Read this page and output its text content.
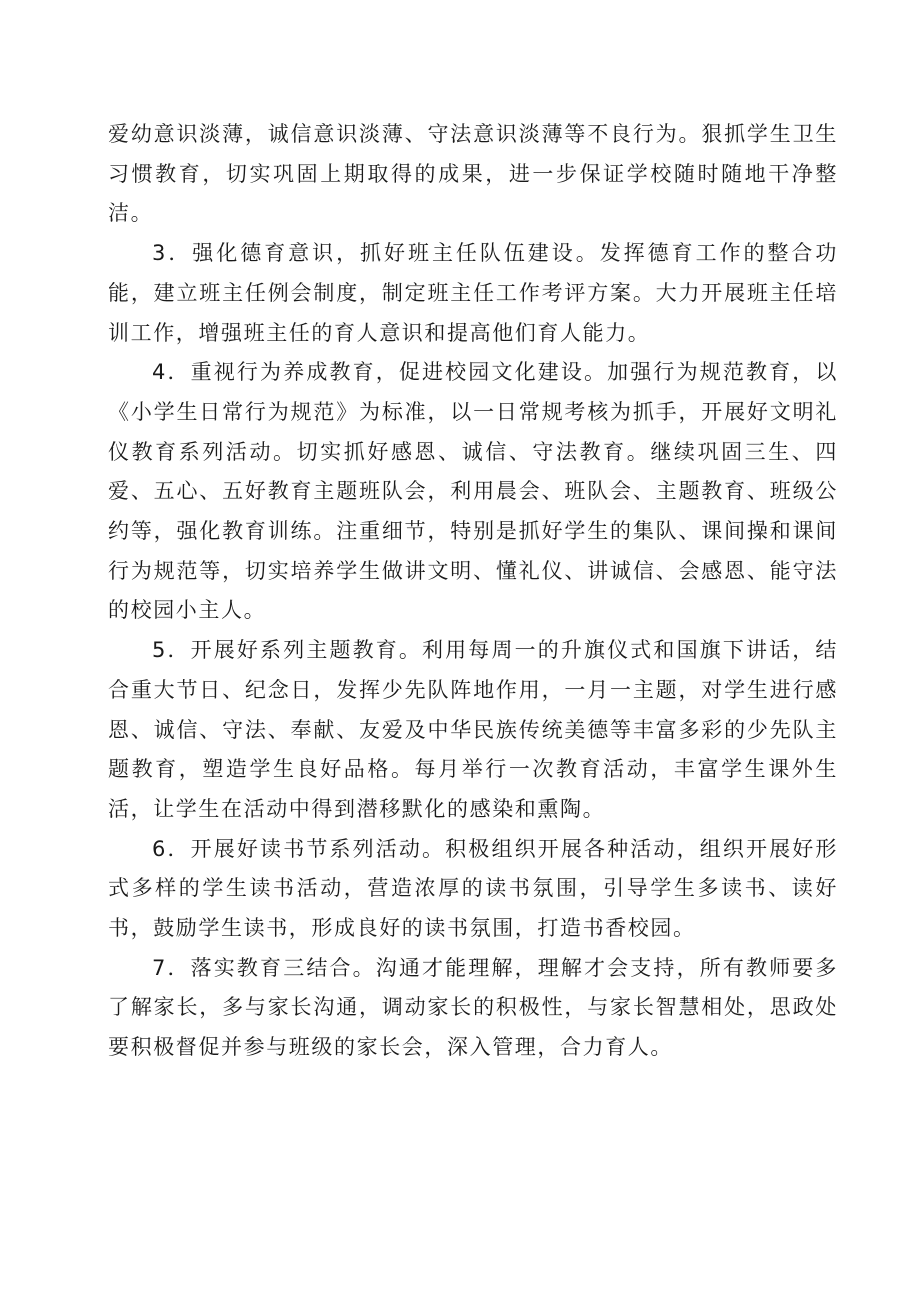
爱幼意识淡薄，诚信意识淡薄、守法意识淡薄等不良行为。狠抓学生卫生习惯教育，切实巩固上期取得的成果，进一步保证学校随时随地干净整洁。

3．强化德育意识，抓好班主任队伍建设。发挥德育工作的整合功能，建立班主任例会制度，制定班主任工作考评方案。大力开展班主任培训工作，增强班主任的育人意识和提高他们育人能力。

4．重视行为养成教育，促进校园文化建设。加强行为规范教育，以《小学生日常行为规范》为标准，以一日常规考核为抓手，开展好文明礼仪教育系列活动。切实抓好感恩、诚信、守法教育。继续巩固三生、四爱、五心、五好教育主题班队会，利用晨会、班队会、主题教育、班级公约等，强化教育训练。注重细节，特别是抓好学生的集队、课间操和课间行为规范等，切实培养学生做讲文明、懂礼仪、讲诚信、会感恩、能守法的校园小主人。

5．开展好系列主题教育。利用每周一的升旗仪式和国旗下讲话，结合重大节日、纪念日，发挥少先队阵地作用，一月一主题，对学生进行感恩、诚信、守法、奉献、友爱及中华民族传统美德等丰富多彩的少先队主题教育，塑造学生良好品格。每月举行一次教育活动，丰富学生课外生活，让学生在活动中得到潜移默化的感染和熏陶。

6．开展好读书节系列活动。积极组织开展各种活动，组织开展好形式多样的学生读书活动，营造浓厚的读书氛围，引导学生多读书、读好书，鼓励学生读书，形成良好的读书氛围，打造书香校园。

7．落实教育三结合。沟通才能理解，理解才会支持，所有教师要多了解家长，多与家长沟通，调动家长的积极性，与家长智慧相处，思政处要积极督促并参与班级的家长会，深入管理，合力育人。
